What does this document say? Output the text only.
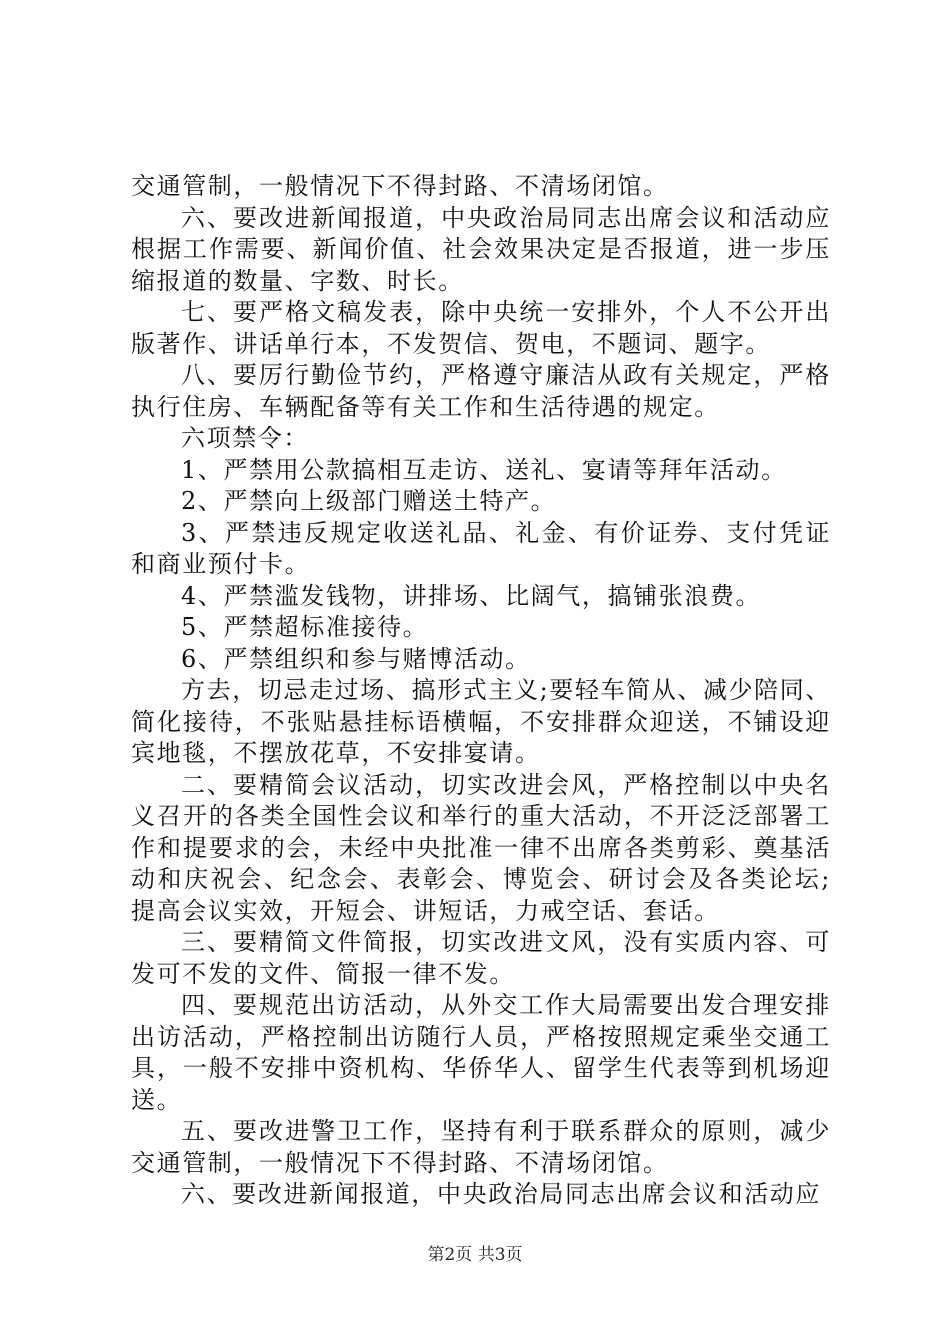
交通管制，一般情况下不得封路、不清场闭馆。

六、要改进新闻报道，中央政治局同志出席会议和活动应根据工作需要、新闻价值、社会效果决定是否报道，进一步压缩报道的数量、字数、时长。

七、要严格文稿发表，除中央统一安排外，个人不公开出版著作、讲话单行本，不发贺信、贺电，不题词、题字。

八、要厉行勤俭节约，严格遵守廉洁从政有关规定，严格执行住房、车辆配备等有关工作和生活待遇的规定。

六项禁令：

1、严禁用公款搞相互走访、送礼、宴请等拜年活动。

2、严禁向上级部门赠送土特产。

3、严禁违反规定收送礼品、礼金、有价证券、支付凭证和商业预付卡。

4、严禁滥发钱物，讲排场、比阔气，搞铺张浪费。

5、严禁超标准接待。

6、严禁组织和参与赌博活动。

方去，切忌走过场、搞形式主义;要轻车简从、减少陪同、简化接待，不张贴悬挂标语横幅，不安排群众迎送，不铺设迎宾地毯，不摆放花草，不安排宴请。

二、要精简会议活动，切实改进会风，严格控制以中央名义召开的各类全国性会议和举行的重大活动，不开泛泛部署工作和提要求的会，未经中央批准一律不出席各类剪彩、奠基活动和庆祝会、纪念会、表彰会、博览会、研讨会及各类论坛;提高会议实效，开短会、讲短话，力戒空话、套话。

三、要精简文件简报，切实改进文风，没有实质内容、可发可不发的文件、简报一律不发。

四、要规范出访活动，从外交工作大局需要出发合理安排出访活动，严格控制出访随行人员，严格按照规定乘坐交通工具，一般不安排中资机构、华侨华人、留学生代表等到机场迎送。

五、要改进警卫工作，坚持有利于联系群众的原则，减少交通管制，一般情况下不得封路、不清场闭馆。

六、要改进新闻报道，中央政治局同志出席会议和活动应

第2页 共3页
